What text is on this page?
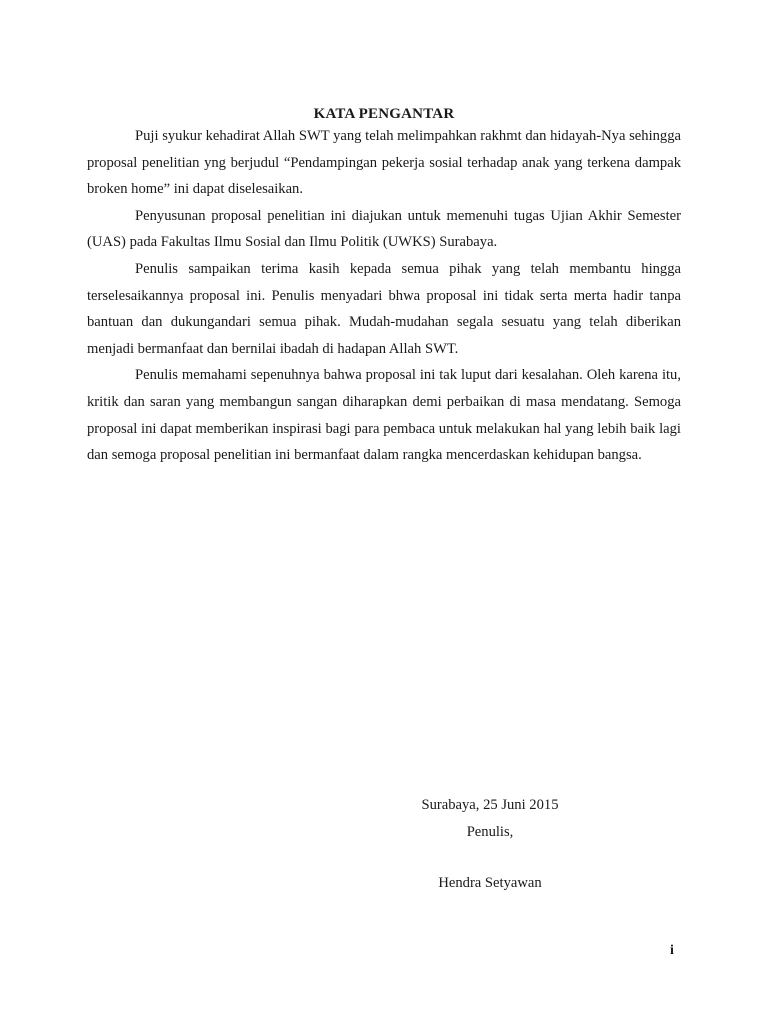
KATA PENGANTAR

Puji syukur kehadirat Allah SWT yang telah melimpahkan rakhmt dan hidayah-Nya sehingga proposal penelitian yng berjudul “Pendampingan pekerja sosial terhadap anak yang terkena dampak broken home” ini dapat diselesaikan.

Penyusunan proposal penelitian ini diajukan untuk memenuhi tugas Ujian Akhir Semester (UAS) pada Fakultas Ilmu Sosial dan Ilmu Politik (UWKS) Surabaya.

Penulis sampaikan terima kasih kepada semua pihak yang telah membantu hingga terselesaikannya proposal ini. Penulis menyadari bhwa proposal ini tidak serta merta hadir tanpa bantuan dan dukungandari semua pihak. Mudah-mudahan segala sesuatu yang telah diberikan menjadi bermanfaat dan bernilai ibadah di hadapan Allah SWT.

Penulis memahami sepenuhnya bahwa proposal ini tak luput dari kesalahan. Oleh karena itu, kritik dan saran yang membangun sangan diharapkan demi perbaikan di masa mendatang. Semoga proposal ini dapat memberikan inspirasi bagi para pembaca untuk melakukan hal yang lebih baik lagi dan semoga proposal penelitian ini bermanfaat dalam rangka mencerdaskan kehidupan bangsa.

Surabaya, 25 Juni 2015

Penulis,

Hendra Setyawan

i
